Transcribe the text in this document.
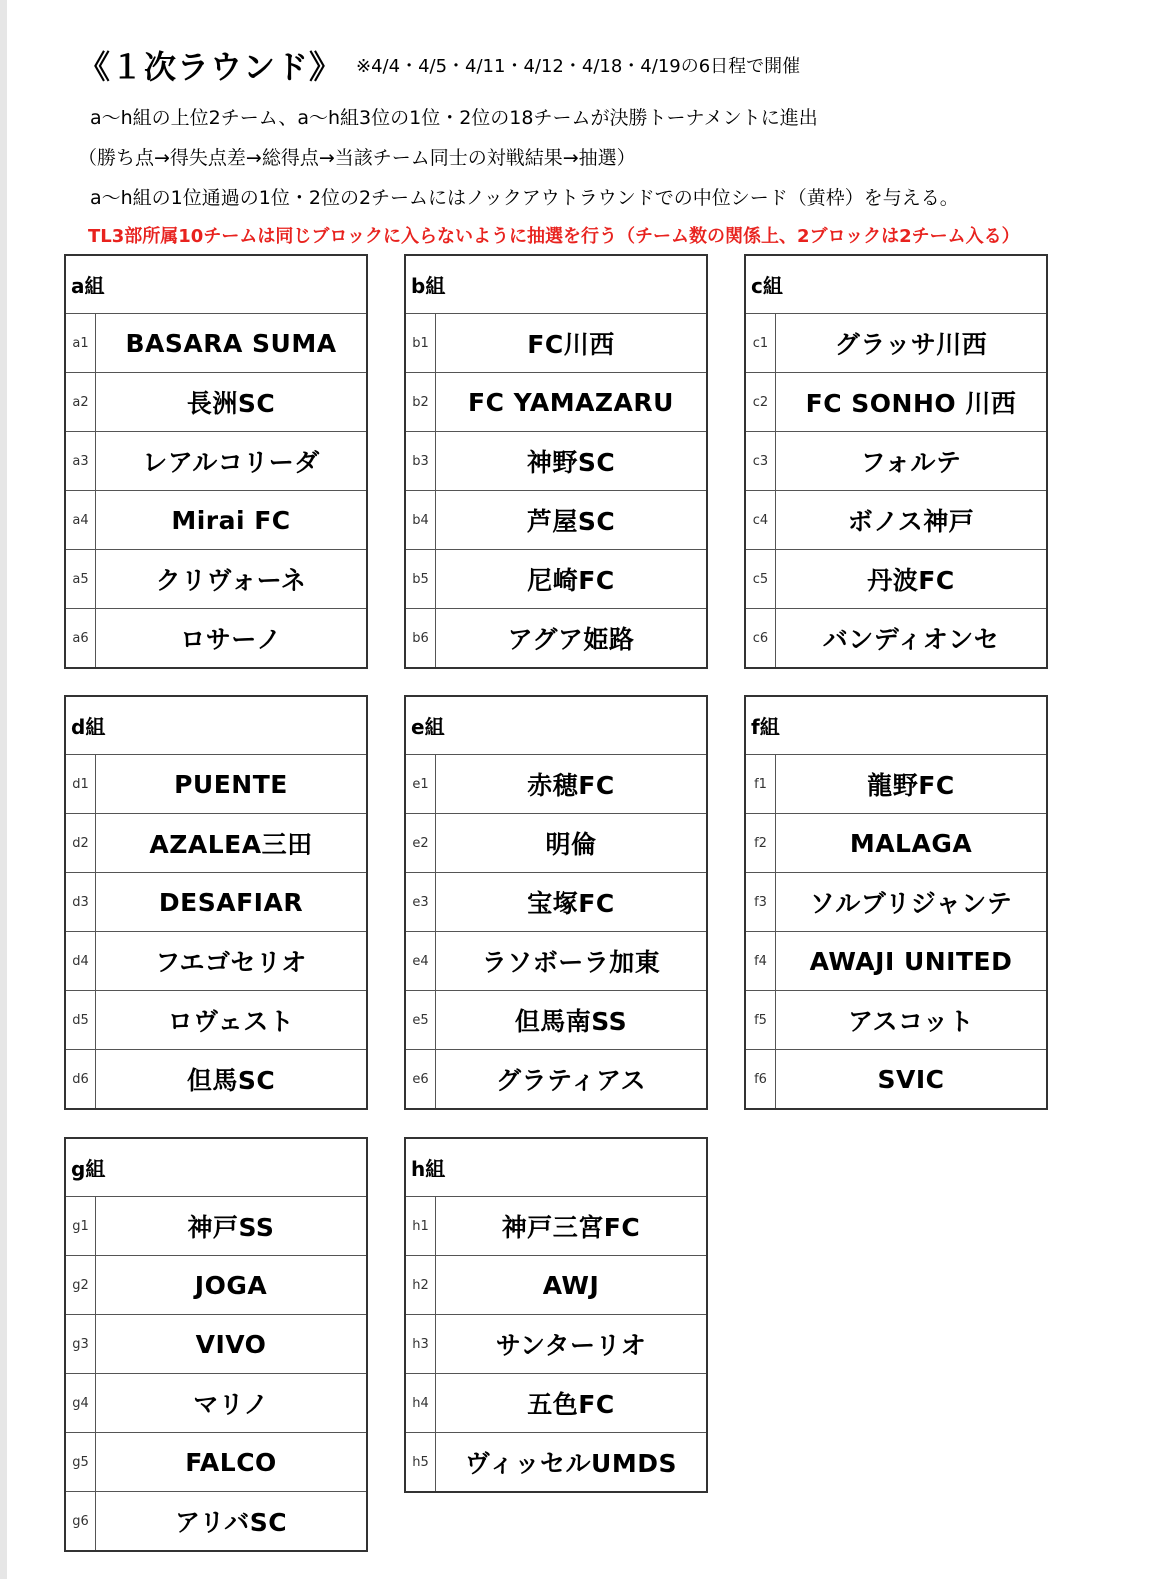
《１次ラウンド》 ※4/4・4/5・4/11・4/12・4/18・4/19の6日程で開催
a～h組の上位2チーム、a～h組3位の1位・2位の18チームが決勝トーナメントに進出
（勝ち点→得失点差→総得点→当該チーム同士の対戦結果→抽選）
a～h組の1位通過の1位・2位の2チームにはノックアウトラウンドでの中位シード（黄枠）を与える。
TL3部所属10チームは同じブロックに入らないように抽選を行う（チーム数の関係上、2ブロックは2チーム入る）
a組
a1	BASARA SUMA
a2	長洲SC
a3	レアルコリーダ
a4	Mirai FC
a5	クリヴォーネ
a6	ロサーノ
b組
b1	FC川西
b2	FC YAMAZARU
b3	神野SC
b4	芦屋SC
b5	尼崎FC
b6	アグア姫路
c組
c1	グラッサ川西
c2	FC SONHO 川西
c3	フォルテ
c4	ボノス神戸
c5	丹波FC
c6	バンディオンセ
d組
d1	PUENTE
d2	AZALEA三田
d3	DESAFIAR
d4	フエゴセリオ
d5	ロヴェスト
d6	但馬SC
e組
e1	赤穂FC
e2	明倫
e3	宝塚FC
e4	ラソボーラ加東
e5	但馬南SS
e6	グラティアス
f組
f1	龍野FC
f2	MALAGA
f3	ソルブリジャンテ
f4	AWAJI UNITED
f5	アスコット
f6	SVIC
g組
g1	神戸SS
g2	JOGA
g3	VIVO
g4	マリノ
g5	FALCO
g6	アリバSC
h組
h1	神戸三宮FC
h2	AWJ
h3	サンターリオ
h4	五色FC
h5	ヴィッセルUMDS
